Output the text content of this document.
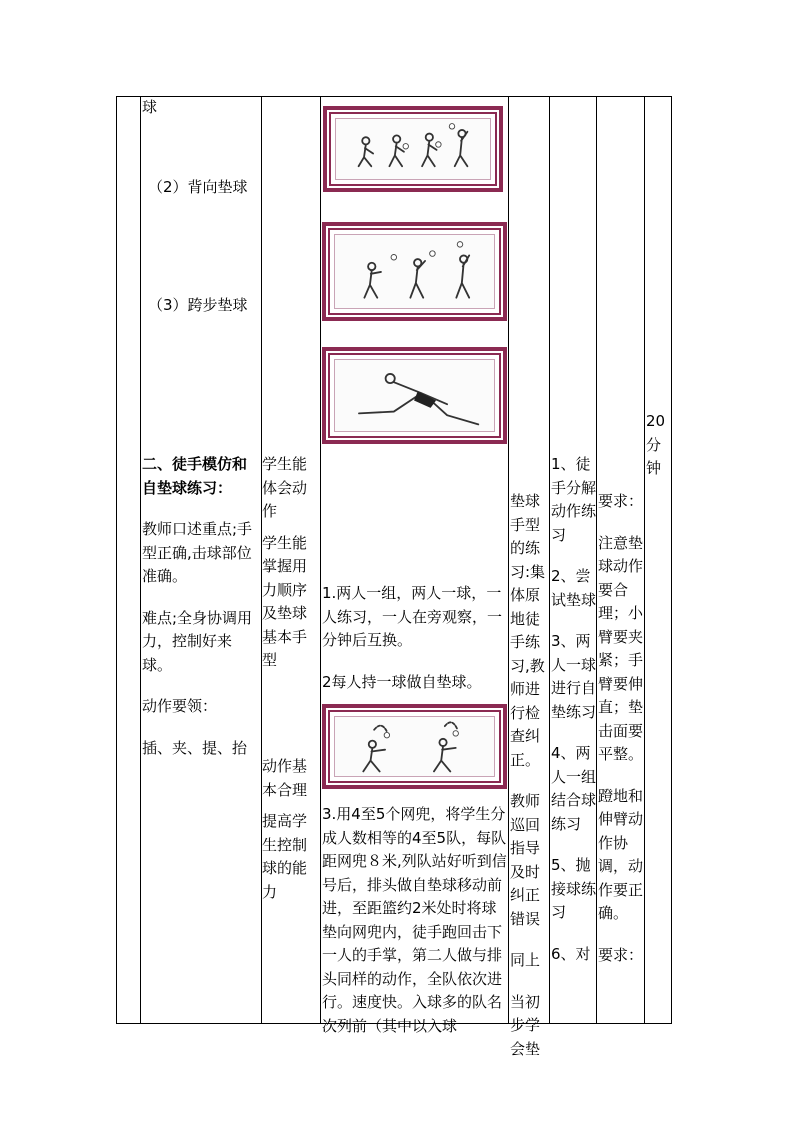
球

（2）背向垫球

（3）跨步垫球

二、徒手模仿和自垫球练习：

教师口述重点;手型正确,击球部位准确。

难点;全身协调用力，控制好来球。

动作要领：

插、夹、提、抬

学生能体会动作

学生能掌握用力顺序及垫球基本手型

动作基本合理

提高学生控制球的能力

1.两人一组，两人一球，一人练习，一人在旁观察，一分钟后互换。

2每人持一球做自垫球。

3.用4至5个网兜，将学生分成人数相等的4至5队，每队距网兜８米,列队站好听到信号后，排头做自垫球移动前进，至距篮约2米处时将球垫向网兜内，徒手跑回击下一人的手掌，第二人做与排头同样的动作，全队依次进行。速度快。入球多的队名次列前（其中以入球

垫球手型的练习:集体原地徒手练习,教师进行检查纠正。

教师巡回指导及时纠正错误

同上

当初步学会垫

1、徒手分解动作练习

2、尝试垫球

3、两人一球进行自垫练习

4、两人一组结合球练习

5、抛接球练习

6、对

要求：

注意垫球动作要合理；小臂要夹紧；手臂要伸直；垫击面要平整。

蹬地和伸臂动作协调，动作要正确。

要求：

20分钟
